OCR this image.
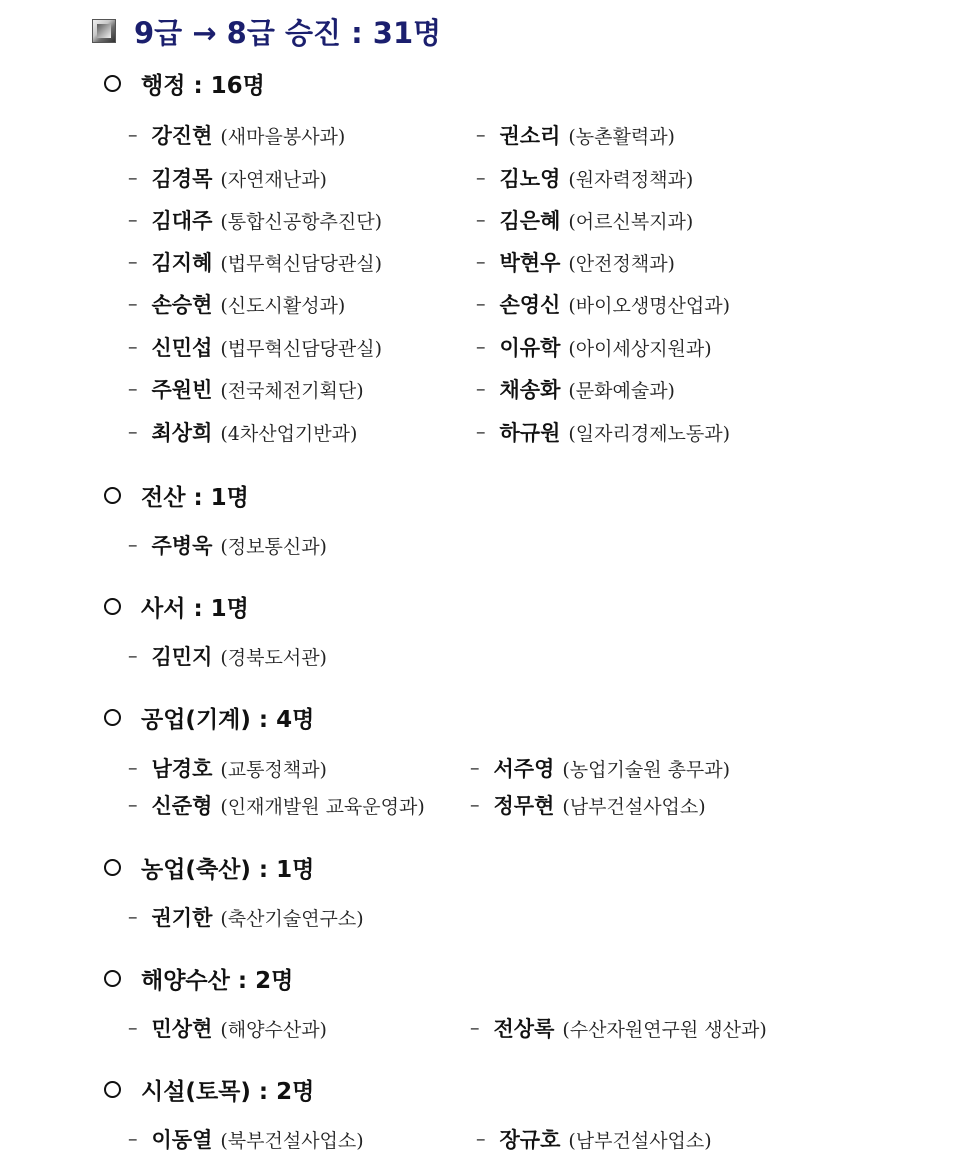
9급 → 8급 승진 : 31명
행정 : 16명
– 강진현 (새마을봉사과)	– 권소리 (농촌활력과)
– 김경목 (자연재난과)	– 김노영 (원자력정책과)
– 김대주 (통합신공항추진단)	– 김은혜 (어르신복지과)
– 김지혜 (법무혁신담당관실)	– 박현우 (안전정책과)
– 손승현 (신도시활성과)	– 손영신 (바이오생명산업과)
– 신민섭 (법무혁신담당관실)	– 이유학 (아이세상지원과)
– 주원빈 (전국체전기획단)	– 채송화 (문화예술과)
– 최상희 (4차산업기반과)	– 하규원 (일자리경제노동과)
전산 : 1명
– 주병욱 (정보통신과)
사서 : 1명
– 김민지 (경북도서관)
공업(기계) : 4명
– 남경호 (교통정책과)	– 서주영 (농업기술원 총무과)
– 신준형 (인재개발원 교육운영과) – 정무현 (남부건설사업소)
농업(축산) : 1명
– 권기한 (축산기술연구소)
해양수산 : 2명
– 민상현 (해양수산과)	– 전상록 (수산자원연구원 생산과)
시설(토목) : 2명
– 이동열 (북부건설사업소)	– 장규호 (남부건설사업소)
